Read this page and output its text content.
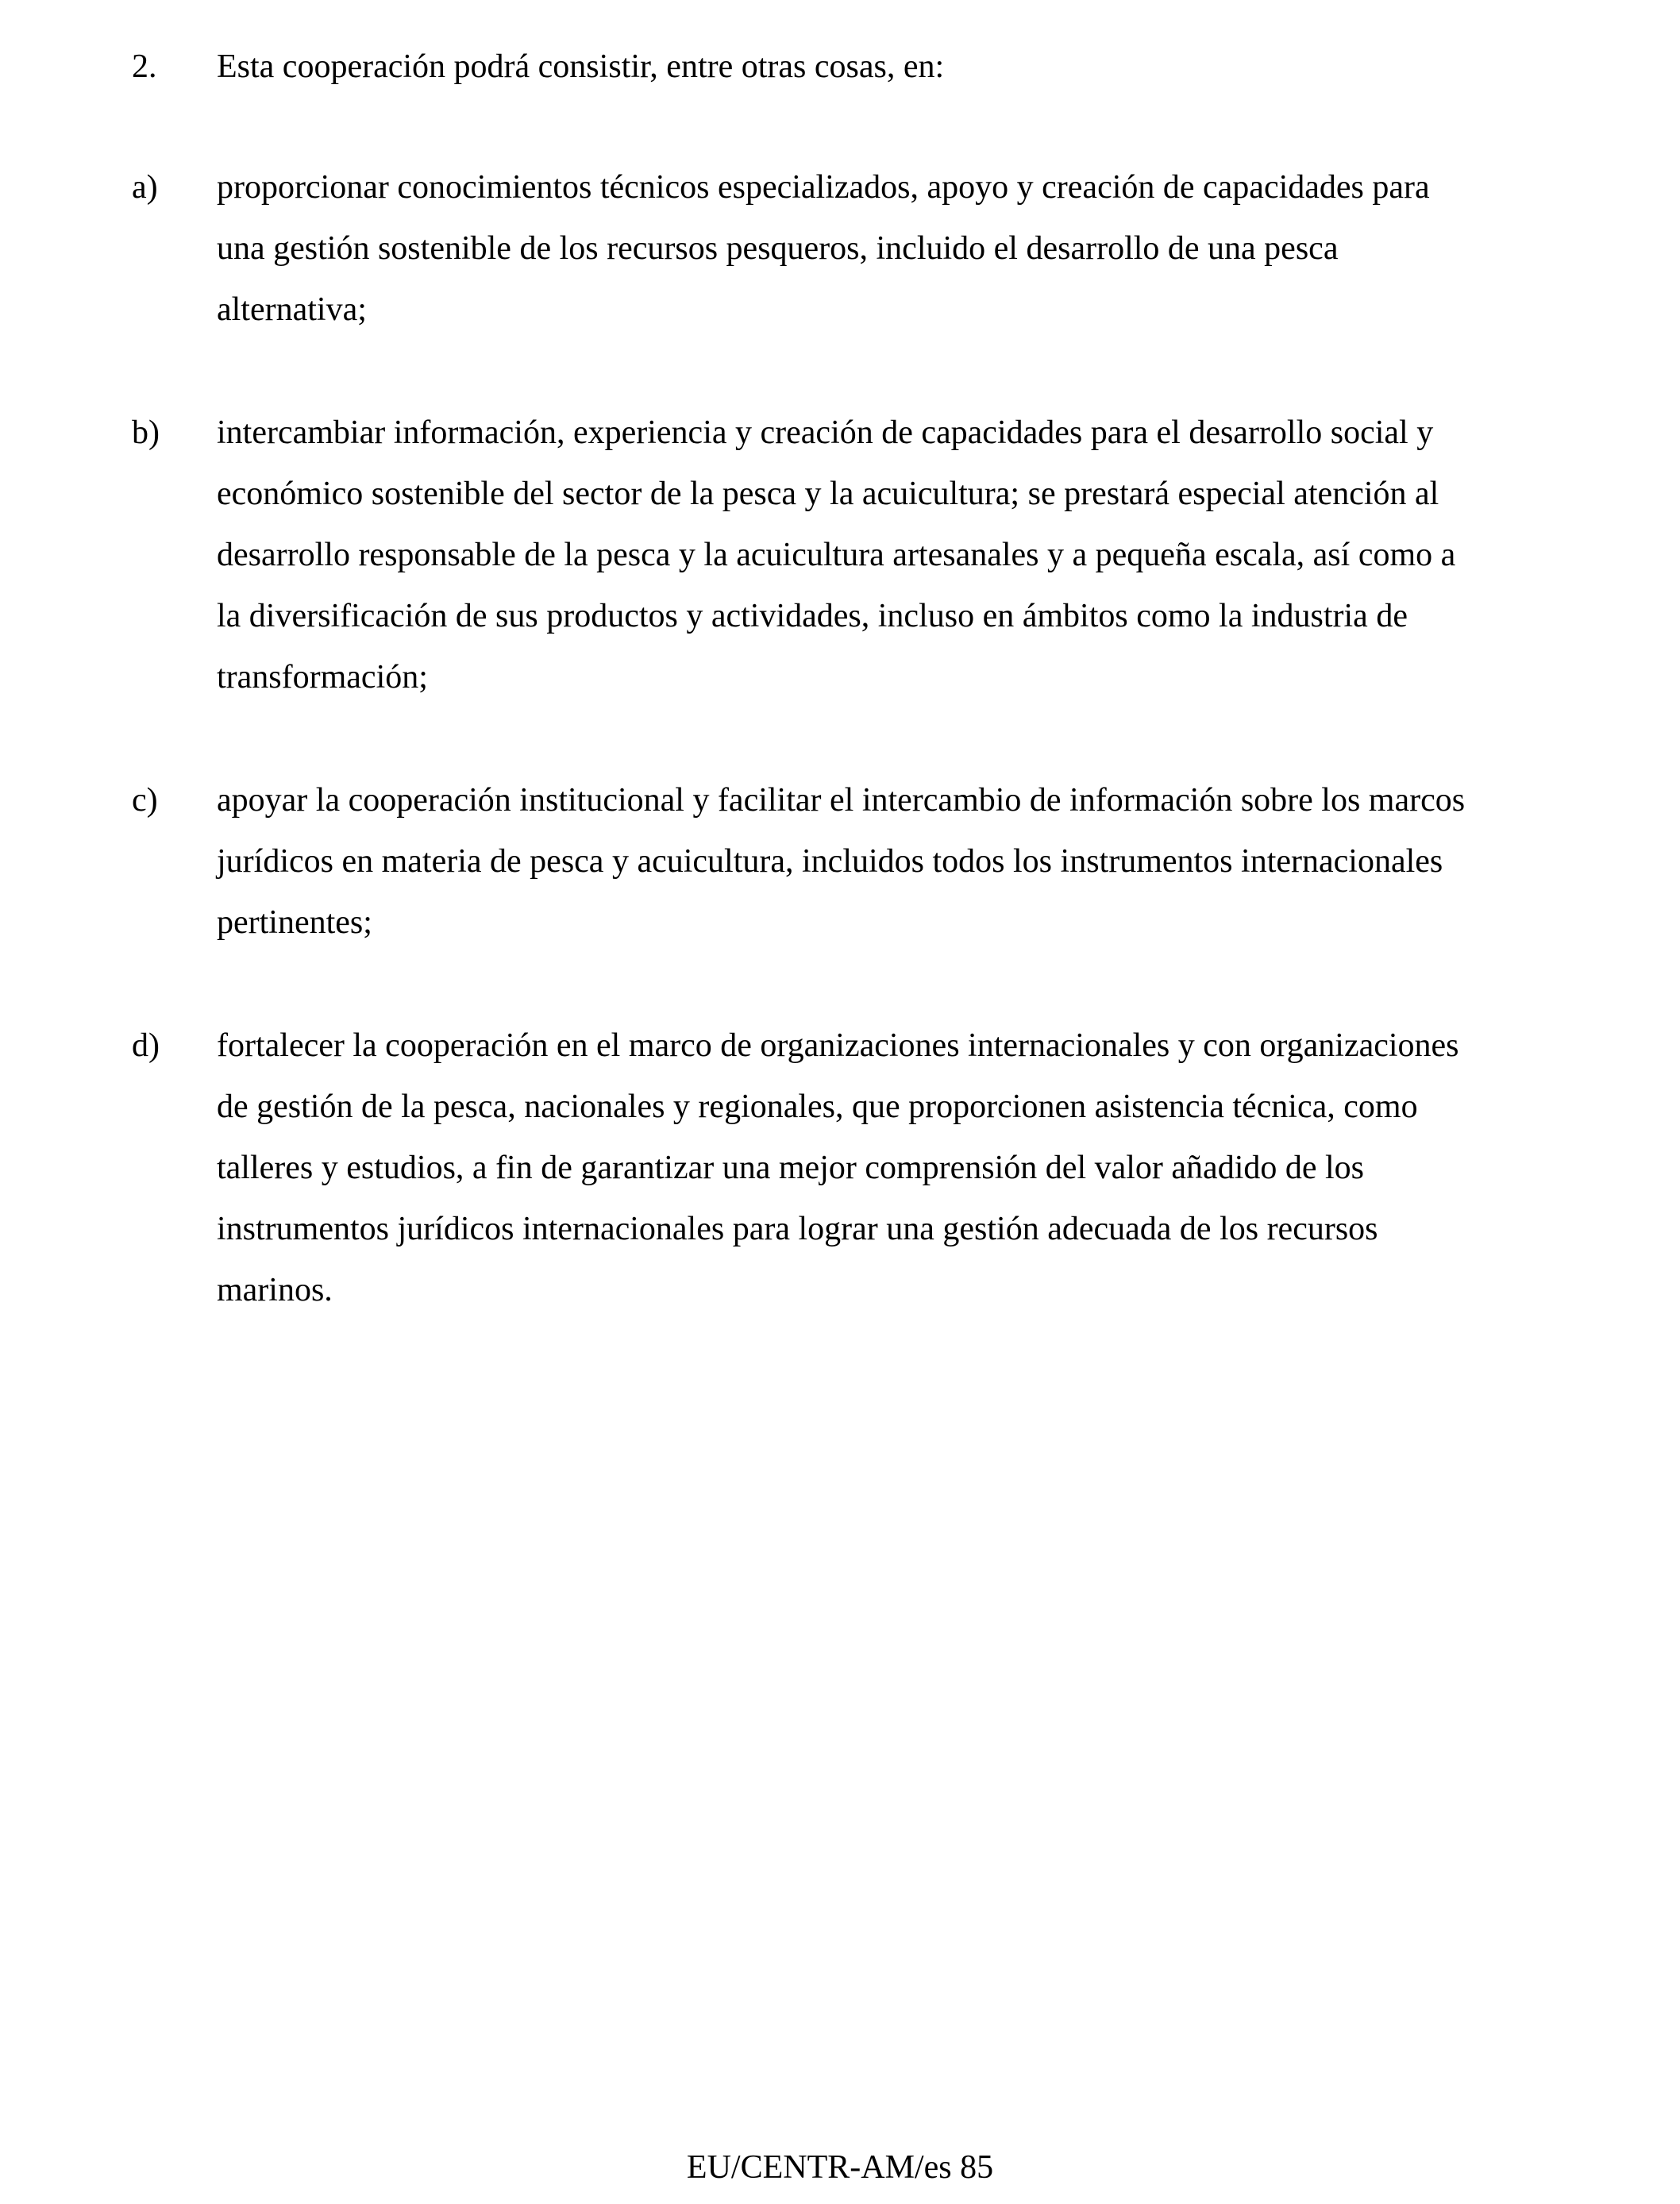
2. Esta cooperación podrá consistir, entre otras cosas, en:

a) proporcionar conocimientos técnicos especializados, apoyo y creación de capacidades para
una gestión sostenible de los recursos pesqueros, incluido el desarrollo de una pesca
alternativa;

b) intercambiar información, experiencia y creación de capacidades para el desarrollo social y
económico sostenible del sector de la pesca y la acuicultura; se prestará especial atención al
desarrollo responsable de la pesca y la acuicultura artesanales y a pequeña escala, así como a
la diversificación de sus productos y actividades, incluso en ámbitos como la industria de
transformación;

c) apoyar la cooperación institucional y facilitar el intercambio de información sobre los marcos
jurídicos en materia de pesca y acuicultura, incluidos todos los instrumentos internacionales
pertinentes;

d) fortalecer la cooperación en el marco de organizaciones internacionales y con organizaciones
de gestión de la pesca, nacionales y regionales, que proporcionen asistencia técnica, como
talleres y estudios, a fin de garantizar una mejor comprensión del valor añadido de los
instrumentos jurídicos internacionales para lograr una gestión adecuada de los recursos
marinos.

EU/CENTR-AM/es 85
